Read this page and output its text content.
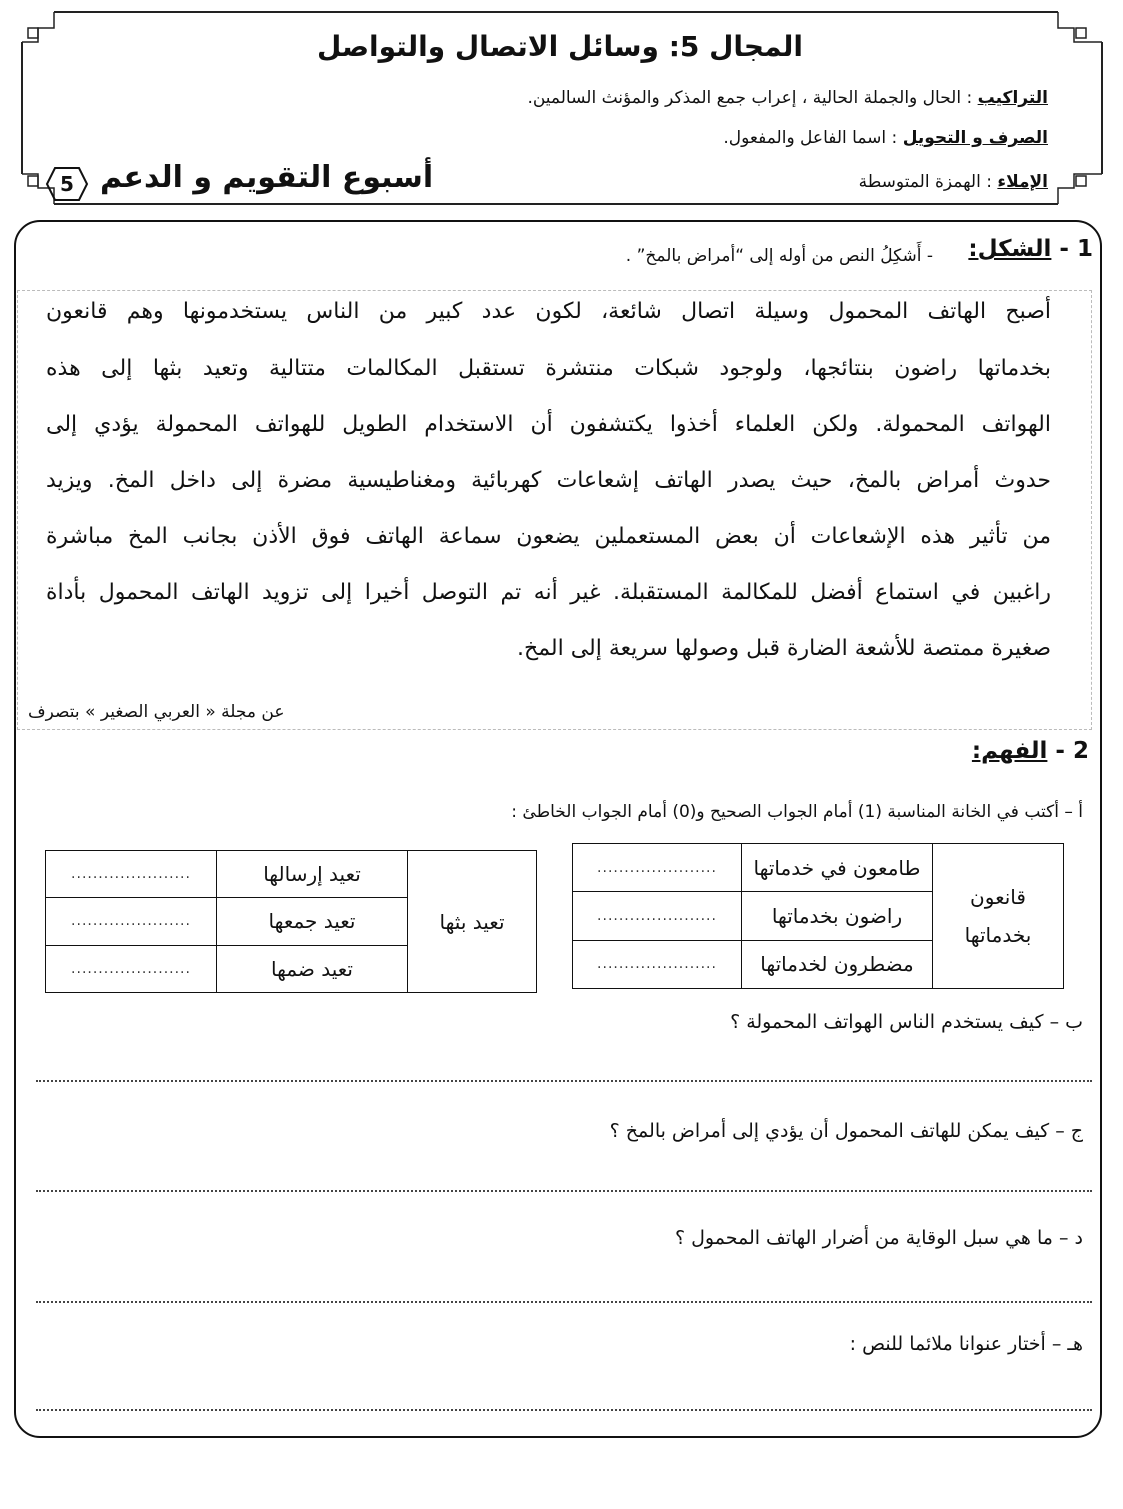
المجال 5: وسائل الاتصال والتواصل
التراكيب : الحال والجملة الحالية ، إعراب جمع المذكر والمؤنث السالمين.
الصرف و التحويل : اسما الفاعل والمفعول.
الإملاء : الهمزة المتوسطة
أسبوع التقويم و الدعم
5
1 - الشكل:
- أَشكِلُ النص من أوله إلى “أمراض بالمخ” .
أصبح الهاتف المحمول وسيلة اتصال شائعة، لكون عدد كبير من الناس يستخدمونها وهم قانعون
بخدماتها راضون بنتائجها، ولوجود شبكات منتشرة تستقبل المكالمات متتالية وتعيد بثها إلى هذه
الهواتف المحمولة. ولكن العلماء أخذوا يكتشفون أن الاستخدام الطويل للهواتف المحمولة يؤدي إلى
حدوث أمراض بالمخ، حيث يصدر الهاتف إشعاعات كهربائية ومغناطيسية مضرة إلى داخل المخ. ويزيد
من تأثير هذه الإشعاعات أن بعض المستعملين يضعون سماعة الهاتف فوق الأذن بجانب المخ مباشرة
راغبين في استماع أفضل للمكالمة المستقبلة. غير أنه تم التوصل أخيرا إلى تزويد الهاتف المحمول بأداة
صغيرة ممتصة للأشعة الضارة قبل وصولها سريعة إلى المخ.
عن مجلة « العربي الصغير » بتصرف
2 - الفهم:
أ – أكتب في الخانة المناسبة (1) أمام الجواب الصحيح و(0) أمام الجواب الخاطئ :
قانعون
بخدماتها	طامعون في خدماتها	......................
	راضون بخدماتها	......................
	مضطرون لخدماتها	......................
تعيد بثها	تعيد إرسالها	......................
	تعيد جمعها	......................
	تعيد ضمها	......................
ب – كيف يستخدم الناس الهواتف المحمولة ؟
ج – كيف يمكن للهاتف المحمول أن يؤدي إلى أمراض بالمخ ؟
د – ما هي سبل الوقاية من أضرار الهاتف المحمول ؟
هـ – أختار عنوانا ملائما للنص :
